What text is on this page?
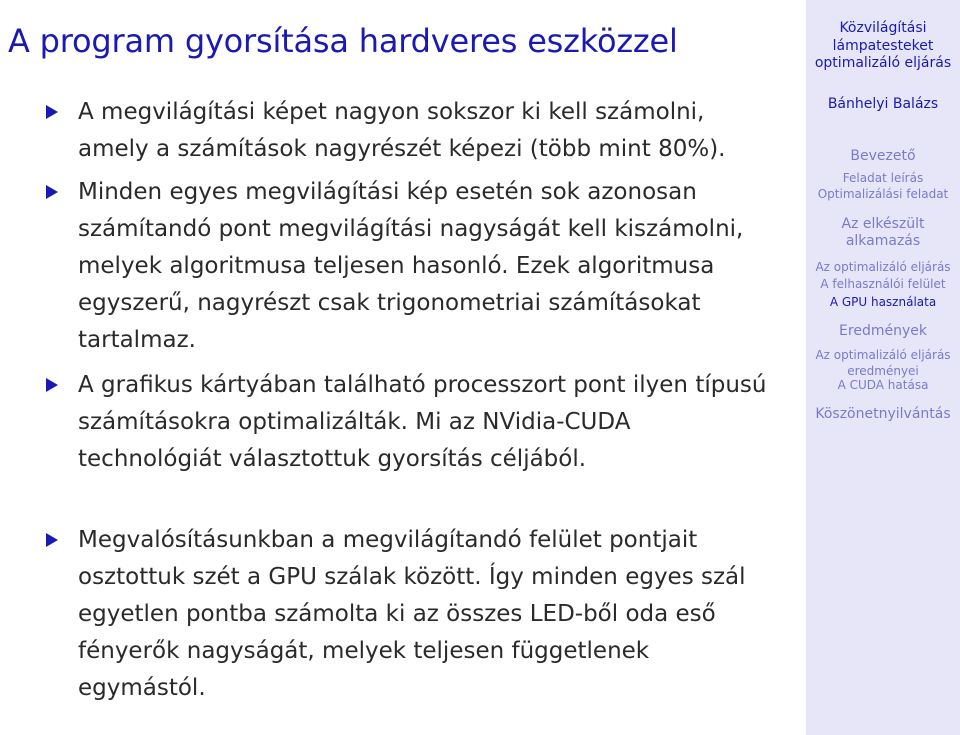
A program gyorsítása hardveres eszközzel
A megvilágítási képet nagyon sokszor ki kell számolni, amely a számítások nagyrészét képezi (több mint 80%).
Minden egyes megvilágítási kép esetén sok azonosan számítandó pont megvilágítási nagyságát kell kiszámolni, melyek algoritmusa teljesen hasonló. Ezek algoritmusa egyszerű, nagyrészt csak trigonometriai számításokat tartalmaz.
A grafikus kártyában található processzort pont ilyen típusú számításokra optimalizálták. Mi az NVidia-CUDA technológiát választottuk gyorsítás céljából.
Megvalósításunkban a megvilágítandó felület pontjait osztottuk szét a GPU szálak között. Így minden egyes szál egyetlen pontba számolta ki az összes LED-ből oda eső fényerők nagyságát, melyek teljesen függetlenek egymástól.
Közvilágítási lámpatesteket optimalizáló eljárás
Bánhelyi Balázs
Bevezető
Feladat leírás
Optimalizálási feladat
Az elkészült alkamazás
Az optimalizáló eljárás
A felhasználói felület
A GPU használata
Eredmények
Az optimalizáló eljárás eredményei
A CUDA hatása
Köszönetnyilvántás
